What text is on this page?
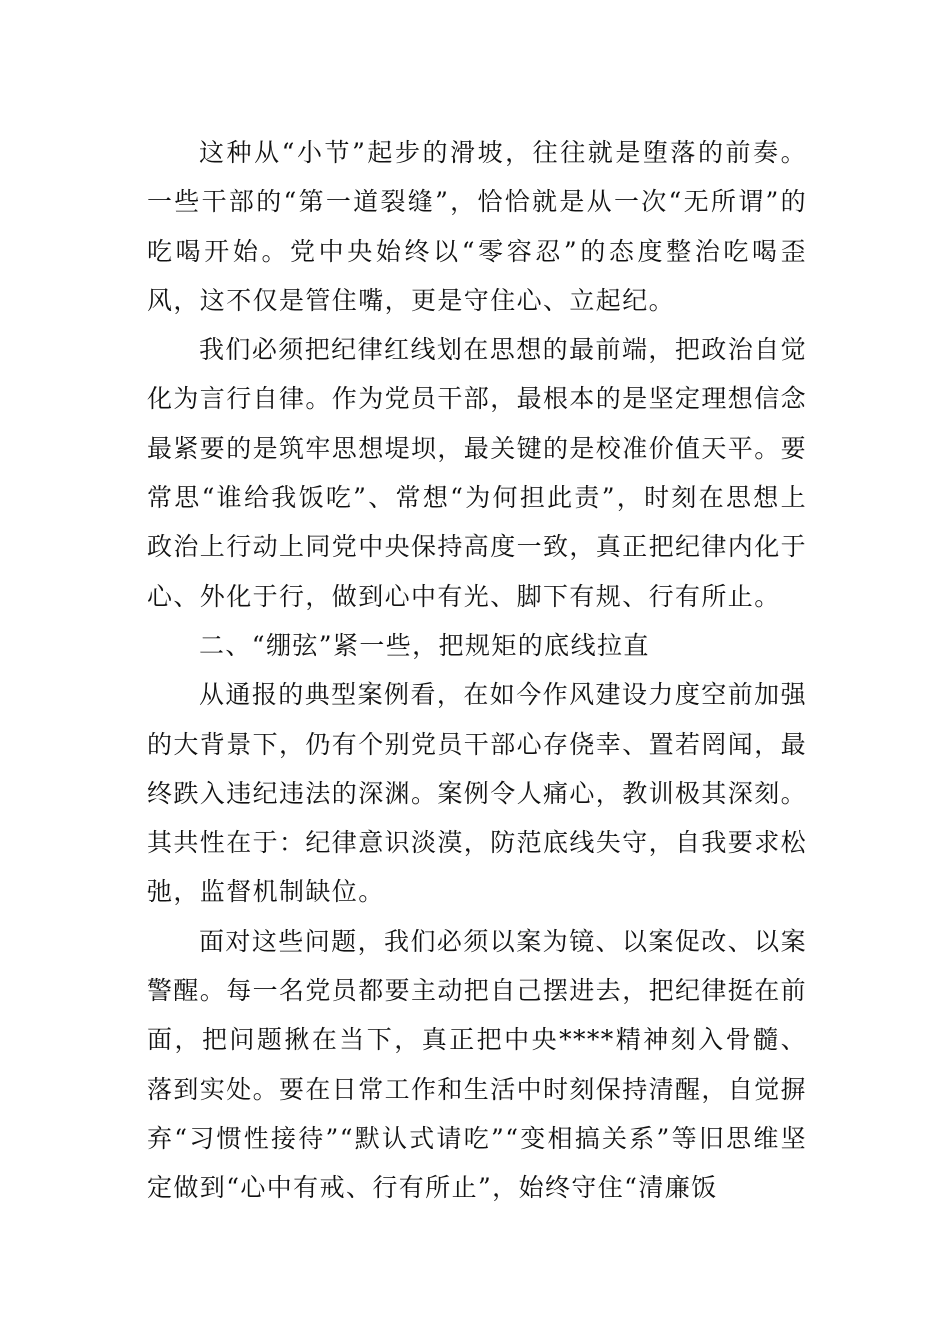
这种从“小节”起步的滑坡，往往就是堕落的前奏。一些干部的“第一道裂缝”，恰恰就是从一次“无所谓”的吃喝开始。党中央始终以“零容忍”的态度整治吃喝歪风，这不仅是管住嘴，更是守住心、立起纪。

我们必须把纪律红线划在思想的最前端，把政治自觉化为言行自律。作为党员干部，最根本的是坚定理想信念最紧要的是筑牢思想堤坝，最关键的是校准价值天平。要常思“谁给我饭吃”、常想“为何担此责”，时刻在思想上政治上行动上同党中央保持高度一致，真正把纪律内化于心、外化于行，做到心中有光、脚下有规、行有所止。

二、“绷弦”紧一些，把规矩的底线拉直

从通报的典型案例看，在如今作风建设力度空前加强的大背景下，仍有个别党员干部心存侥幸、置若罔闻，最终跌入违纪违法的深渊。案例令人痛心，教训极其深刻。其共性在于：纪律意识淡漠，防范底线失守，自我要求松弛，监督机制缺位。

面对这些问题，我们必须以案为镜、以案促改、以案警醒。每一名党员都要主动把自己摆进去，把纪律挺在前面，把问题揪在当下，真正把中央****精神刻入骨髓、落到实处。要在日常工作和生活中时刻保持清醒，自觉摒弃“习惯性接待”“默认式请吃”“变相搞关系”等旧思维坚定做到“心中有戒、行有所止”，始终守住“清廉饭
